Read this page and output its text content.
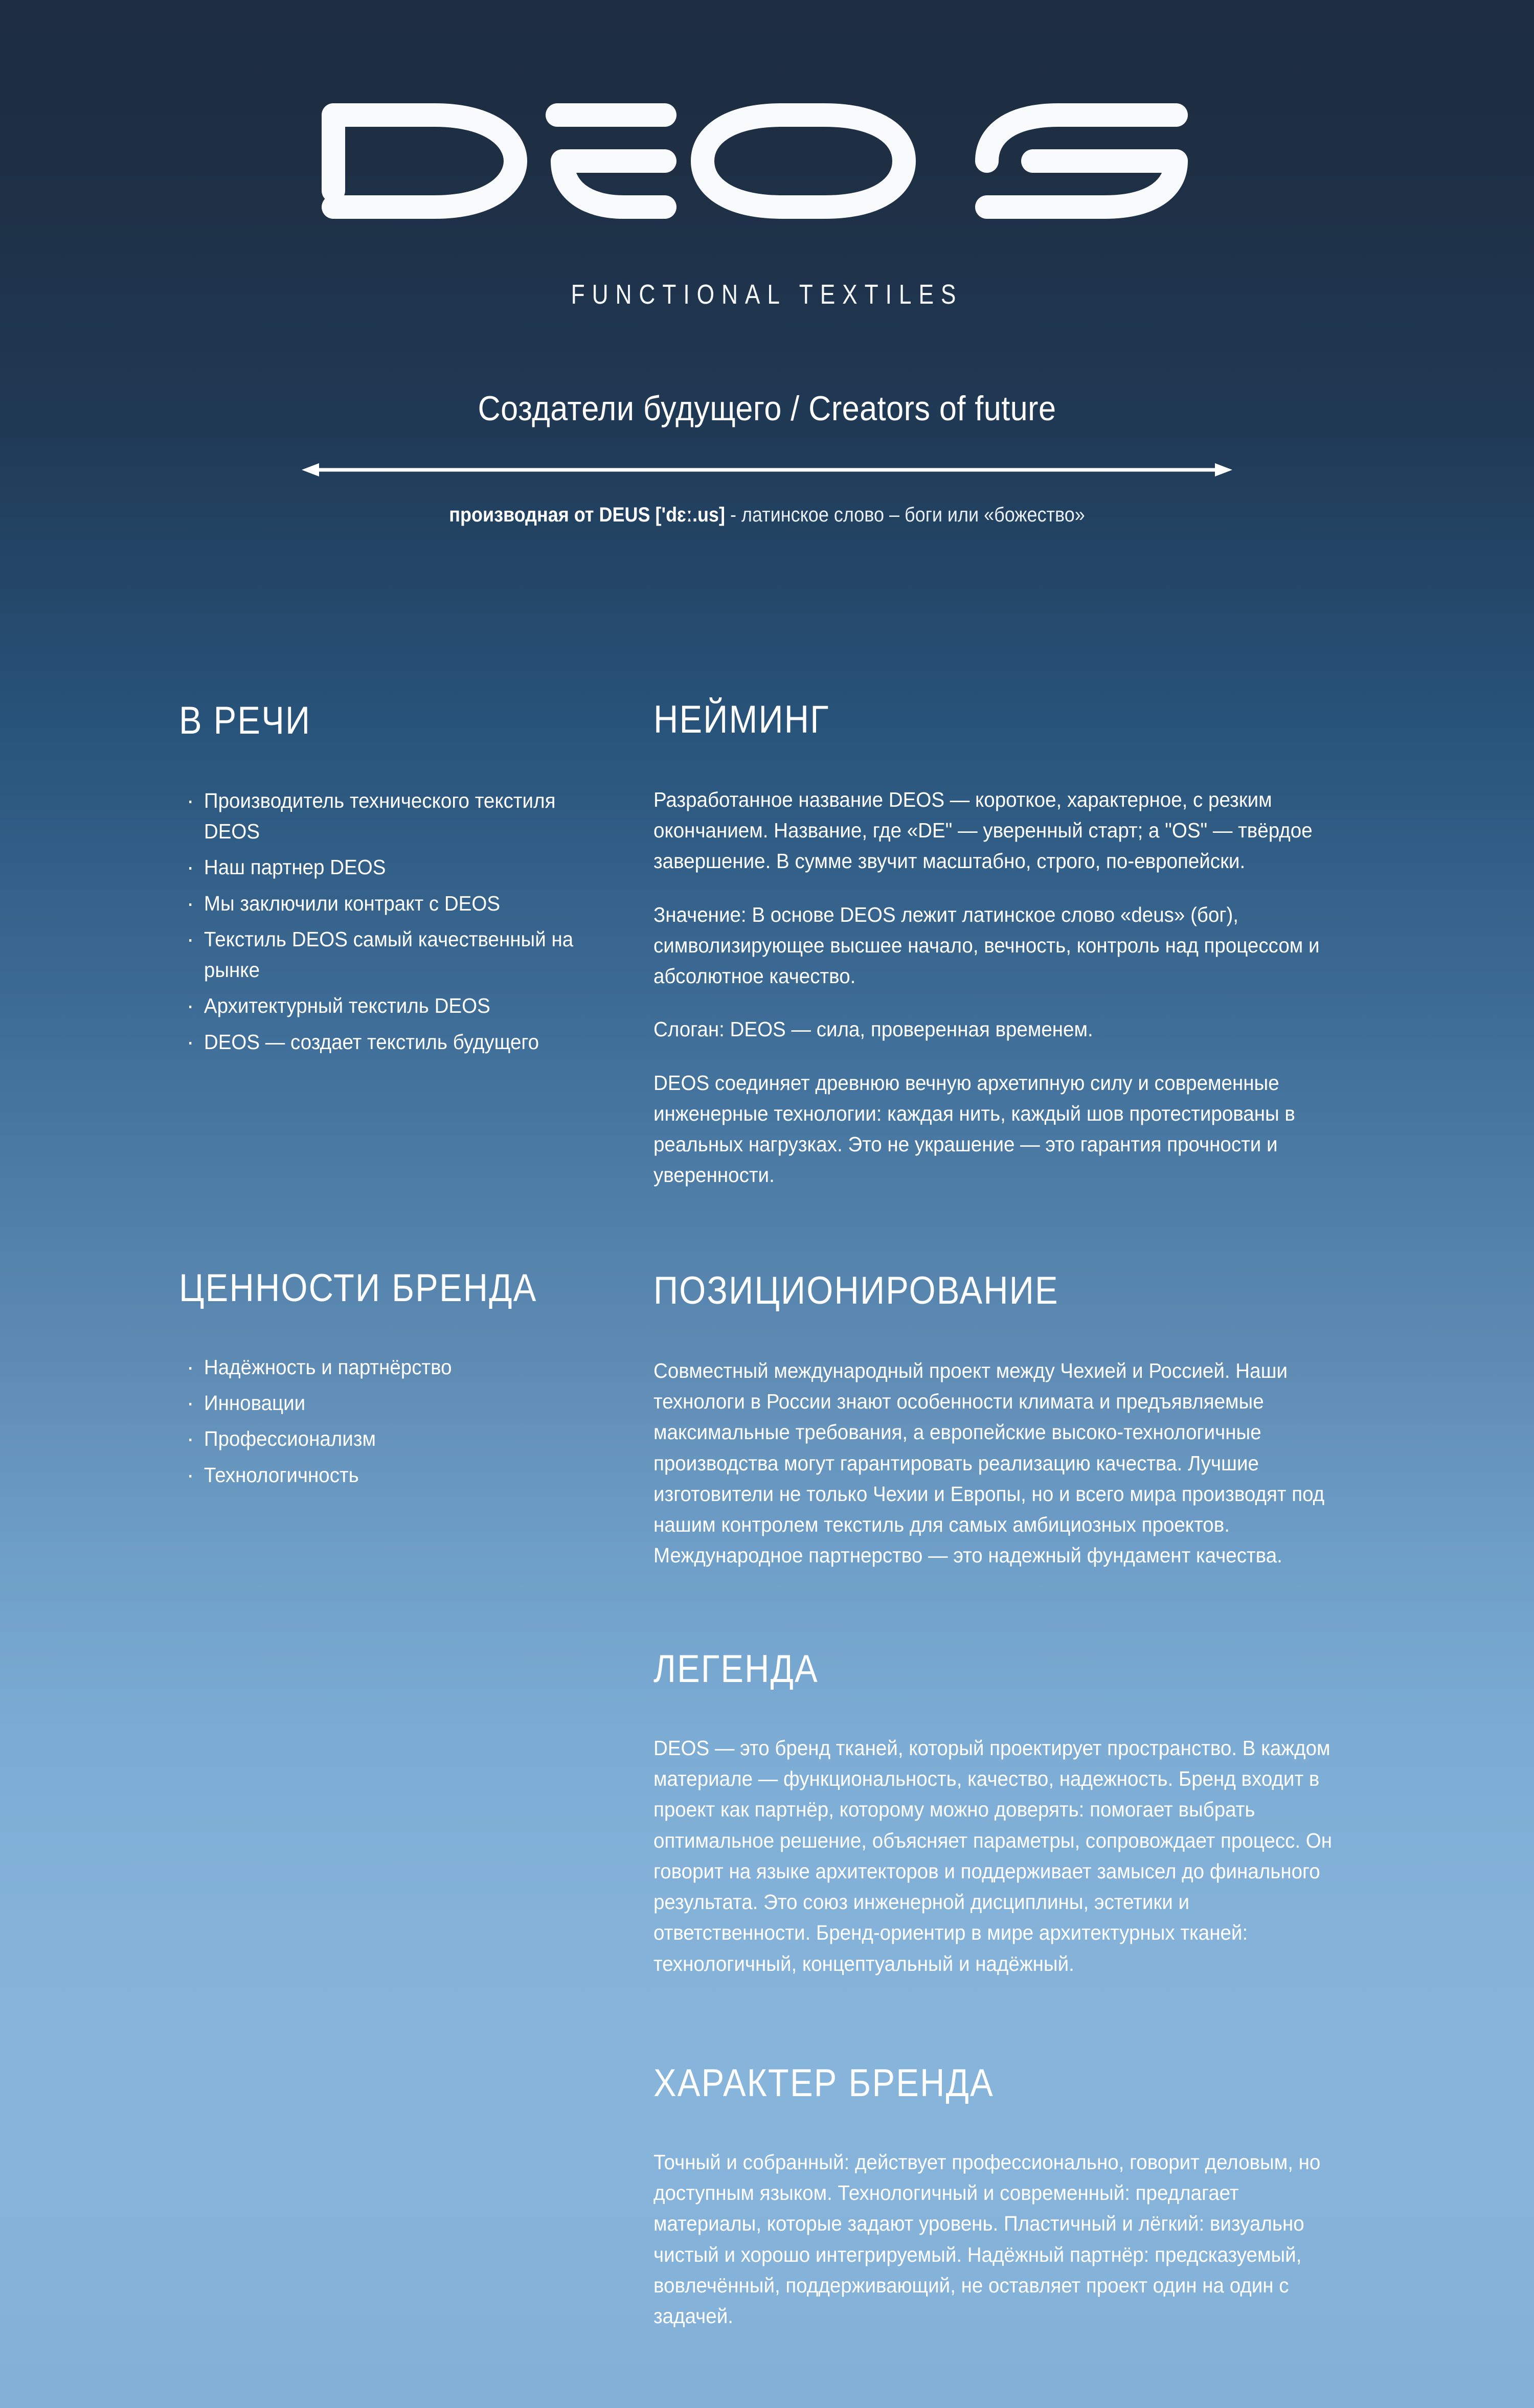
FUNCTIONAL TEXTILES
Создатели будущего / Creators of future
производная от DEUS ['dɛː.us] - латинское слово – боги или «божество»
В РЕЧИ
· Производитель технического текстиля DEOS
· Наш партнер DEOS
· Мы заключили контракт с DEOS
· Текстиль DEOS самый качественный на рынке
· Архитектурный текстиль DEOS
· DEOS — создает текстиль будущего
НЕЙМИНГ

Разработанное название DEOS — короткое, характерное, с резким окончанием. Название, где «DE" — уверенный старт; а "OS" — твёрдое завершение. В сумме звучит масштабно, строго, по-европейски.

Значение: В основе DEOS лежит латинское слово «deus» (бог), символизирующее высшее начало, вечность, контроль над процессом и абсолютное качество.

Слоган: DEOS — сила, проверенная временем.

DEOS соединяет древнюю вечную архетипную силу и современные инженерные технологии: каждая нить, каждый шов протестированы в реальных нагрузках. Это не украшение — это гарантия прочности и уверенности.

ЦЕННОСТИ БРЕНДА
· Надёжность и партнёрство
· Инновации
· Профессионализм
· Технологичность
ПОЗИЦИОНИРОВАНИЕ

Совместный международный проект между Чехией и Россией. Наши технологи в России знают особенности климата и предъявляемые максимальные требования, а европейские высоко-технологичные производства могут гарантировать реализацию качества. Лучшие изготовители не только Чехии и Европы, но и всего мира производят под нашим контролем текстиль для самых амбициозных проектов. Международное партнерство — это надежный фундамент качества.

ЛЕГЕНДА

DEOS — это бренд тканей, который проектирует пространство. В каждом материале — функциональность, качество, надежность. Бренд входит в проект как партнёр, которому можно доверять: помогает выбрать оптимальное решение, объясняет параметры, сопровождает процесс. Он говорит на языке архитекторов и поддерживает замысел до финального результата. Это союз инженерной дисциплины, эстетики и ответственности. Бренд-ориентир в мире архитектурных тканей: технологичный, концептуальный и надёжный.

ХАРАКТЕР БРЕНДА

Точный и собранный: действует профессионально, говорит деловым, но доступным языком. Технологичный и современный: предлагает материалы, которые задают уровень. Пластичный и лёгкий: визуально чистый и хорошо интегрируемый. Надёжный партнёр: предсказуемый, вовлечённый, поддерживающий, не оставляет проект один на один с задачей.
